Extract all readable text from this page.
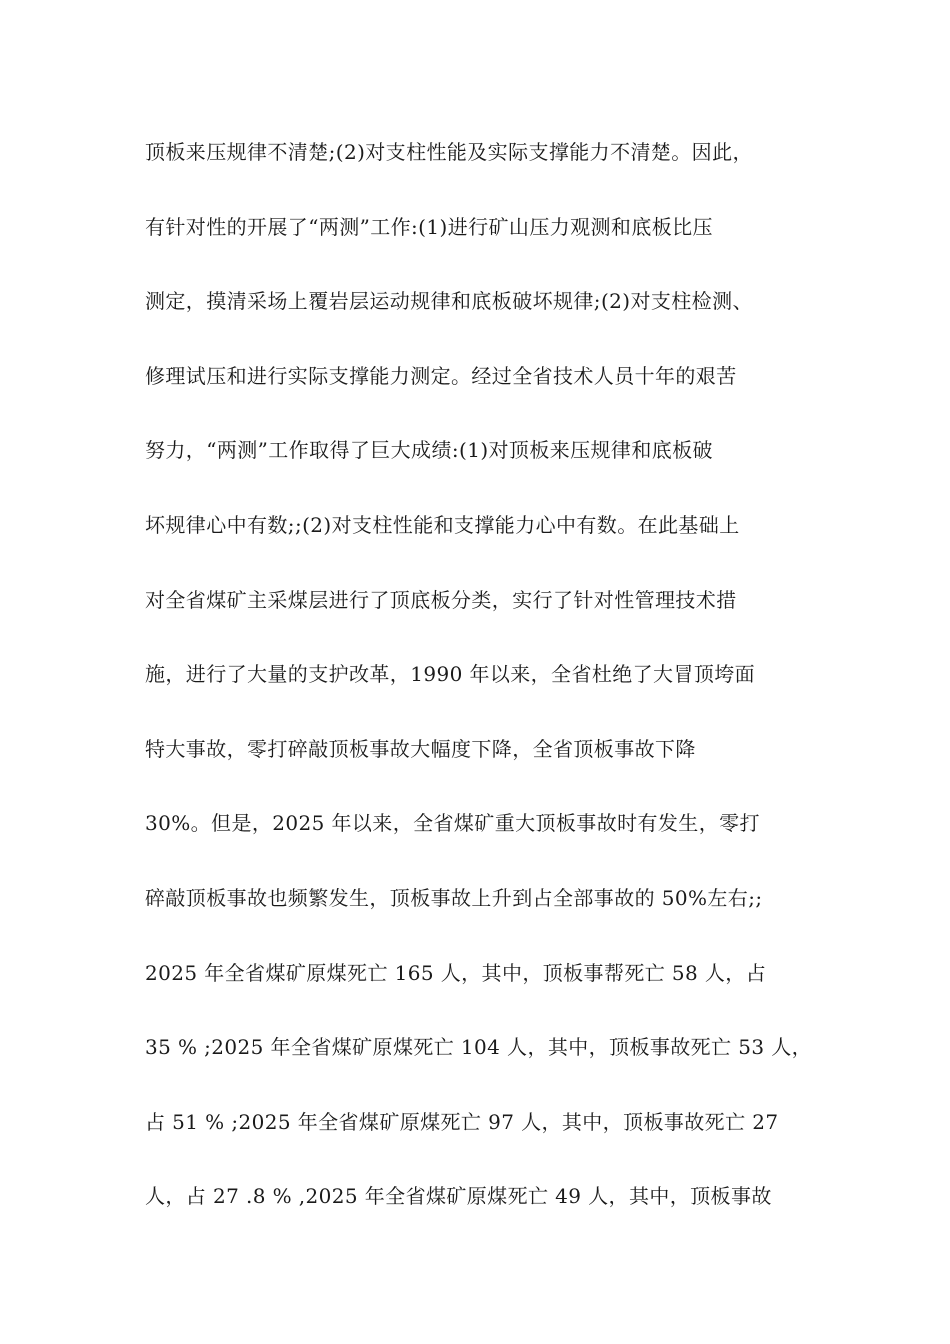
顶板来压规律不清楚;(2)对支柱性能及实际支撑能力不清楚。因此，
有针对性的开展了“两测”工作:(1)进行矿山压力观测和底板比压
测定，摸清采场上覆岩层运动规律和底板破坏规律;(2)对支柱检测、
修理试压和进行实际支撑能力测定。经过全省技术人员十年的艰苦
努力，“两测”工作取得了巨大成绩:(1)对顶板来压规律和底板破
坏规律心中有数;;(2)对支柱性能和支撑能力心中有数。在此基础上
对全省煤矿主采煤层进行了顶底板分类，实行了针对性管理技术措
施，进行了大量的支护改革，1990 年以来，全省杜绝了大冒顶垮面
特大事故，零打碎敲顶板事故大幅度下降，全省顶板事故下降
30%。但是，2025 年以来，全省煤矿重大顶板事故时有发生，零打
碎敲顶板事故也频繁发生，顶板事故上升到占全部事故的 50%左右;;
2025 年全省煤矿原煤死亡 165 人，其中，顶板事帮死亡 58 人，占
35 % ;2025 年全省煤矿原煤死亡 104 人，其中，顶板事故死亡 53 人，
占 51 % ;2025 年全省煤矿原煤死亡 97 人，其中，顶板事故死亡 27
人，占 27 .8 % ,2025 年全省煤矿原煤死亡 49 人，其中，顶板事故
